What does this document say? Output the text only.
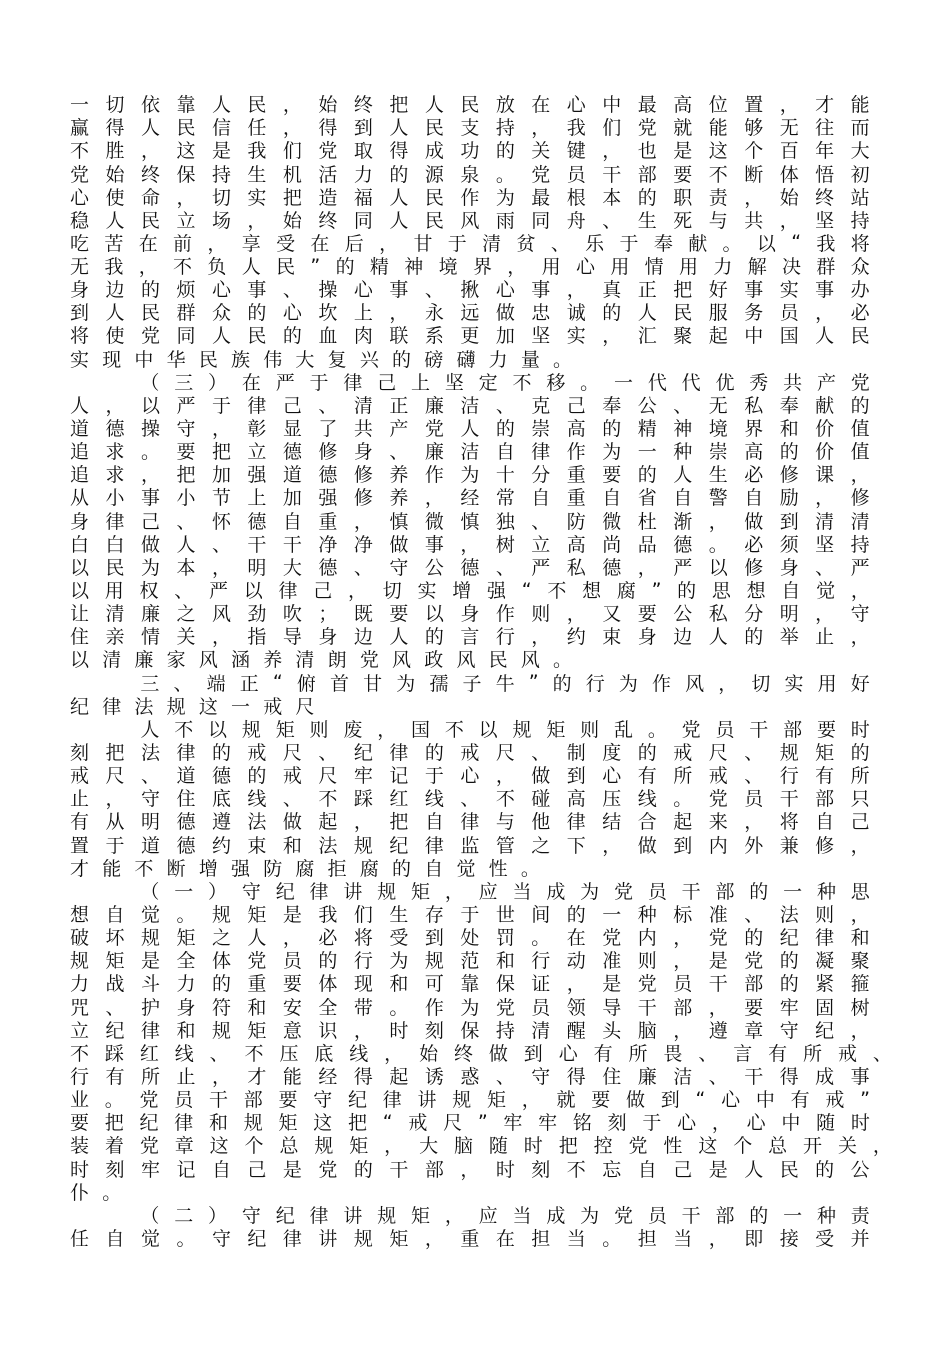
一 切 依 靠 人 民 ， 始 终 把 人 民 放 在 心 中 最 高 位 置 ， 才 能
赢 得 人 民 信 任 ， 得 到 人 民 支 持 ， 我 们 党 就 能 够 无 往 而
不 胜 ， 这 是 我 们 党 取 得 成 功 的 关 键 ， 也 是 这 个 百 年 大
党 始 终 保 持 生 机 活 力 的 源 泉 。 党 员 干 部 要 不 断 体 悟 初
心 使 命 ， 切 实 把 造 福 人 民 作 为 最 根 本 的 职 责 ， 始 终 站
稳 人 民 立 场 ， 始 终 同 人 民 风 雨 同 舟 、 生 死 与 共 ， 坚 持
吃 苦 在 前 ， 享 受 在 后 ， 甘 于 清 贫 、 乐 于 奉 献 。 以 “ 我 将
无 我 ， 不 负 人 民 ” 的 精 神 境 界 ， 用 心 用 情 用 力 解 决 群 众
身 边 的 烦 心 事 、 操 心 事 、 揪 心 事 ， 真 正 把 好 事 实 事 办
到 人 民 群 众 的 心 坎 上 ， 永 远 做 忠 诚 的 人 民 服 务 员 ， 必
将 使 党 同 人 民 的 血 肉 联 系 更 加 坚 实 ， 汇 聚 起 中 国 人 民
实 现 中 华 民 族 伟 大 复 兴 的 磅 礴 力 量 。
（ 三 ） 在 严 于 律 己 上 坚 定 不 移 。 一 代 代 优 秀 共 产 党
人 ， 以 严 于 律 己 、 清 正 廉 洁 、 克 己 奉 公 、 无 私 奉 献 的
道 德 操 守 ， 彰 显 了 共 产 党 人 的 崇 高 的 精 神 境 界 和 价 值
追 求 。 要 把 立 德 修 身 、 廉 洁 自 律 作 为 一 种 崇 高 的 价 值
追 求 ， 把 加 强 道 德 修 养 作 为 十 分 重 要 的 人 生 必 修 课 ，
从 小 事 小 节 上 加 强 修 养 ， 经 常 自 重 自 省 自 警 自 励 ， 修
身 律 己 、 怀 德 自 重 ， 慎 微 慎 独 、 防 微 杜 渐 ， 做 到 清 清
白 白 做 人 、 干 干 净 净 做 事 ， 树 立 高 尚 品 德 。 必 须 坚 持
以 民 为 本 ， 明 大 德 、 守 公 德 、 严 私 德 ， 严 以 修 身 、 严
以 用 权 、 严 以 律 己 ， 切 实 增 强 “ 不 想 腐 ” 的 思 想 自 觉 ，
让 清 廉 之 风 劲 吹 ； 既 要 以 身 作 则 ， 又 要 公 私 分 明 ， 守
住 亲 情 关 ， 指 导 身 边 人 的 言 行 ， 约 束 身 边 人 的 举 止 ，
以 清 廉 家 风 涵 养 清 朗 党 风 政 风 民 风 。
三 、 端 正 “ 俯 首 甘 为 孺 子 牛 ” 的 行 为 作 风 ， 切 实 用 好
纪 律 法 规 这 一 戒 尺
人 不 以 规 矩 则 废 ， 国 不 以 规 矩 则 乱 。 党 员 干 部 要 时
刻 把 法 律 的 戒 尺 、 纪 律 的 戒 尺 、 制 度 的 戒 尺 、 规 矩 的
戒 尺 、 道 德 的 戒 尺 牢 记 于 心 ， 做 到 心 有 所 戒 、 行 有 所
止 ， 守 住 底 线 、 不 踩 红 线 、 不 碰 高 压 线 。 党 员 干 部 只
有 从 明 德 遵 法 做 起 ， 把 自 律 与 他 律 结 合 起 来 ， 将 自 己
置 于 道 德 约 束 和 法 规 纪 律 监 管 之 下 ， 做 到 内 外 兼 修 ，
才 能 不 断 增 强 防 腐 拒 腐 的 自 觉 性 。
（ 一 ） 守 纪 律 讲 规 矩 ， 应 当 成 为 党 员 干 部 的 一 种 思
想 自 觉 。 规 矩 是 我 们 生 存 于 世 间 的 一 种 标 准 、 法 则 ，
破 坏 规 矩 之 人 ， 必 将 受 到 处 罚 。 在 党 内 ， 党 的 纪 律 和
规 矩 是 全 体 党 员 的 行 为 规 范 和 行 动 准 则 ， 是 党 的 凝 聚
力 战 斗 力 的 重 要 体 现 和 可 靠 保 证 ， 是 党 员 干 部 的 紧 箍
咒 、 护 身 符 和 安 全 带 。 作 为 党 员 领 导 干 部 ， 要 牢 固 树
立 纪 律 和 规 矩 意 识 ， 时 刻 保 持 清 醒 头 脑 ， 遵 章 守 纪 ，
不 踩 红 线 、 不 压 底 线 ， 始 终 做 到 心 有 所 畏 、 言 有 所 戒 、
行 有 所 止 ， 才 能 经 得 起 诱 惑 、 守 得 住 廉 洁 、 干 得 成 事
业 。 党 员 干 部 要 守 纪 律 讲 规 矩 ， 就 要 做 到 “ 心 中 有 戒 ”
要 把 纪 律 和 规 矩 这 把 “ 戒 尺 ” 牢 牢 铭 刻 于 心 ， 心 中 随 时
装 着 党 章 这 个 总 规 矩 ， 大 脑 随 时 把 控 党 性 这 个 总 开 关 ，
时 刻 牢 记 自 己 是 党 的 干 部 ， 时 刻 不 忘 自 己 是 人 民 的 公
仆 。
（ 二 ） 守 纪 律 讲 规 矩 ， 应 当 成 为 党 员 干 部 的 一 种 责
任 自 觉 。 守 纪 律 讲 规 矩 ， 重 在 担 当 。 担 当 ， 即 接 受 并
